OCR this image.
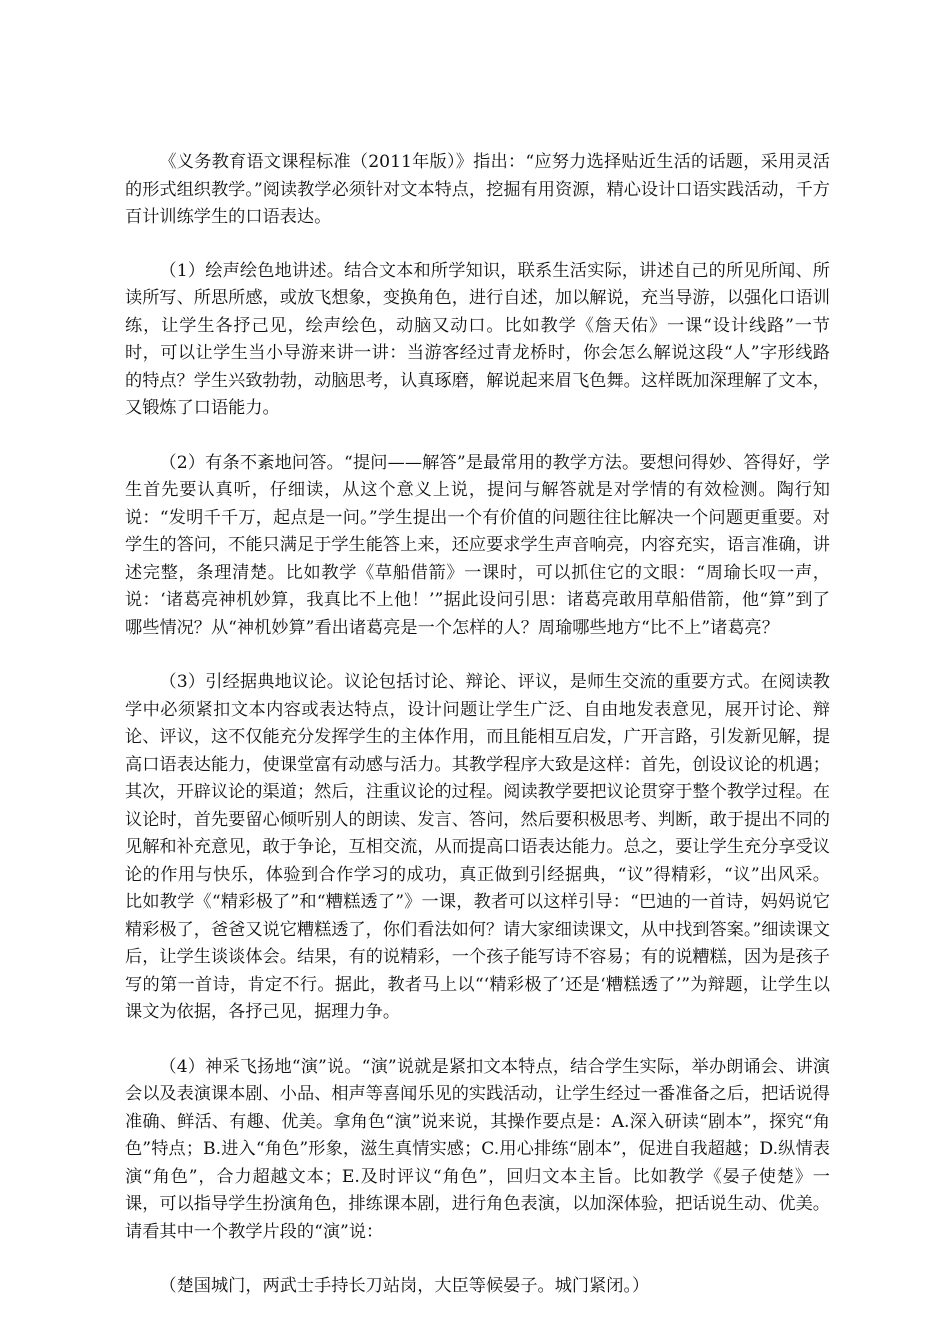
《义务教育语文课程标准（2011年版）》指出：“应努力选择贴近生活的话题，采用灵活的形式组织教学。”阅读教学必须针对文本特点，挖掘有用资源，精心设计口语实践活动，千方百计训练学生的口语表达。

（1）绘声绘色地讲述。结合文本和所学知识，联系生活实际，讲述自己的所见所闻、所读所写、所思所感，或放飞想象，变换角色，进行自述，加以解说，充当导游，以强化口语训练，让学生各抒己见，绘声绘色，动脑又动口。比如教学《詹天佑》一课“设计线路”一节时，可以让学生当小导游来讲一讲：当游客经过青龙桥时，你会怎么解说这段“人”字形线路的特点？学生兴致勃勃，动脑思考，认真琢磨，解说起来眉飞色舞。这样既加深理解了文本，又锻炼了口语能力。

（2）有条不紊地问答。“提问——解答”是最常用的教学方法。要想问得妙、答得好，学生首先要认真听，仔细读，从这个意义上说，提问与解答就是对学情的有效检测。陶行知说：“发明千千万，起点是一问。”学生提出一个有价值的问题往往比解决一个问题更重要。对学生的答问，不能只满足于学生能答上来，还应要求学生声音响亮，内容充实，语言准确，讲述完整，条理清楚。比如教学《草船借箭》一课时，可以抓住它的文眼：“周瑜长叹一声，说：‘诸葛亮神机妙算，我真比不上他！’”据此设问引思：诸葛亮敢用草船借箭，他“算”到了哪些情况？从“神机妙算”看出诸葛亮是一个怎样的人？周瑜哪些地方“比不上”诸葛亮？

（3）引经据典地议论。议论包括讨论、辩论、评议，是师生交流的重要方式。在阅读教学中必须紧扣文本内容或表达特点，设计问题让学生广泛、自由地发表意见，展开讨论、辩论、评议，这不仅能充分发挥学生的主体作用，而且能相互启发，广开言路，引发新见解，提高口语表达能力，使课堂富有动感与活力。其教学程序大致是这样：首先，创设议论的机遇；其次，开辟议论的渠道；然后，注重议论的过程。阅读教学要把议论贯穿于整个教学过程。在议论时，首先要留心倾听别人的朗读、发言、答问，然后要积极思考、判断，敢于提出不同的见解和补充意见，敢于争论，互相交流，从而提高口语表达能力。总之，要让学生充分享受议论的作用与快乐，体验到合作学习的成功，真正做到引经据典，“议”得精彩，“议”出风采。比如教学《“精彩极了”和“糟糕透了”》一课，教者可以这样引导：“巴迪的一首诗，妈妈说它精彩极了，爸爸又说它糟糕透了，你们看法如何？请大家细读课文，从中找到答案。”细读课文后，让学生谈谈体会。结果，有的说精彩，一个孩子能写诗不容易；有的说糟糕，因为是孩子写的第一首诗，肯定不行。据此，教者马上以“‘精彩极了’还是‘糟糕透了’”为辩题，让学生以课文为依据，各抒己见，据理力争。

（4）神采飞扬地“演”说。“演”说就是紧扣文本特点，结合学生实际，举办朗诵会、讲演会以及表演课本剧、小品、相声等喜闻乐见的实践活动，让学生经过一番准备之后，把话说得准确、鲜活、有趣、优美。拿角色“演”说来说，其操作要点是：A.深入研读“剧本”，探究“角色”特点；B.进入“角色”形象，滋生真情实感；C.用心排练“剧本”，促进自我超越；D.纵情表演“角色”，合力超越文本；E.及时评议“角色”，回归文本主旨。比如教学《晏子使楚》一课，可以指导学生扮演角色，排练课本剧，进行角色表演，以加深体验，把话说生动、优美。请看其中一个教学片段的“演”说：

（楚国城门，两武士手持长刀站岗，大臣等候晏子。城门紧闭。）
